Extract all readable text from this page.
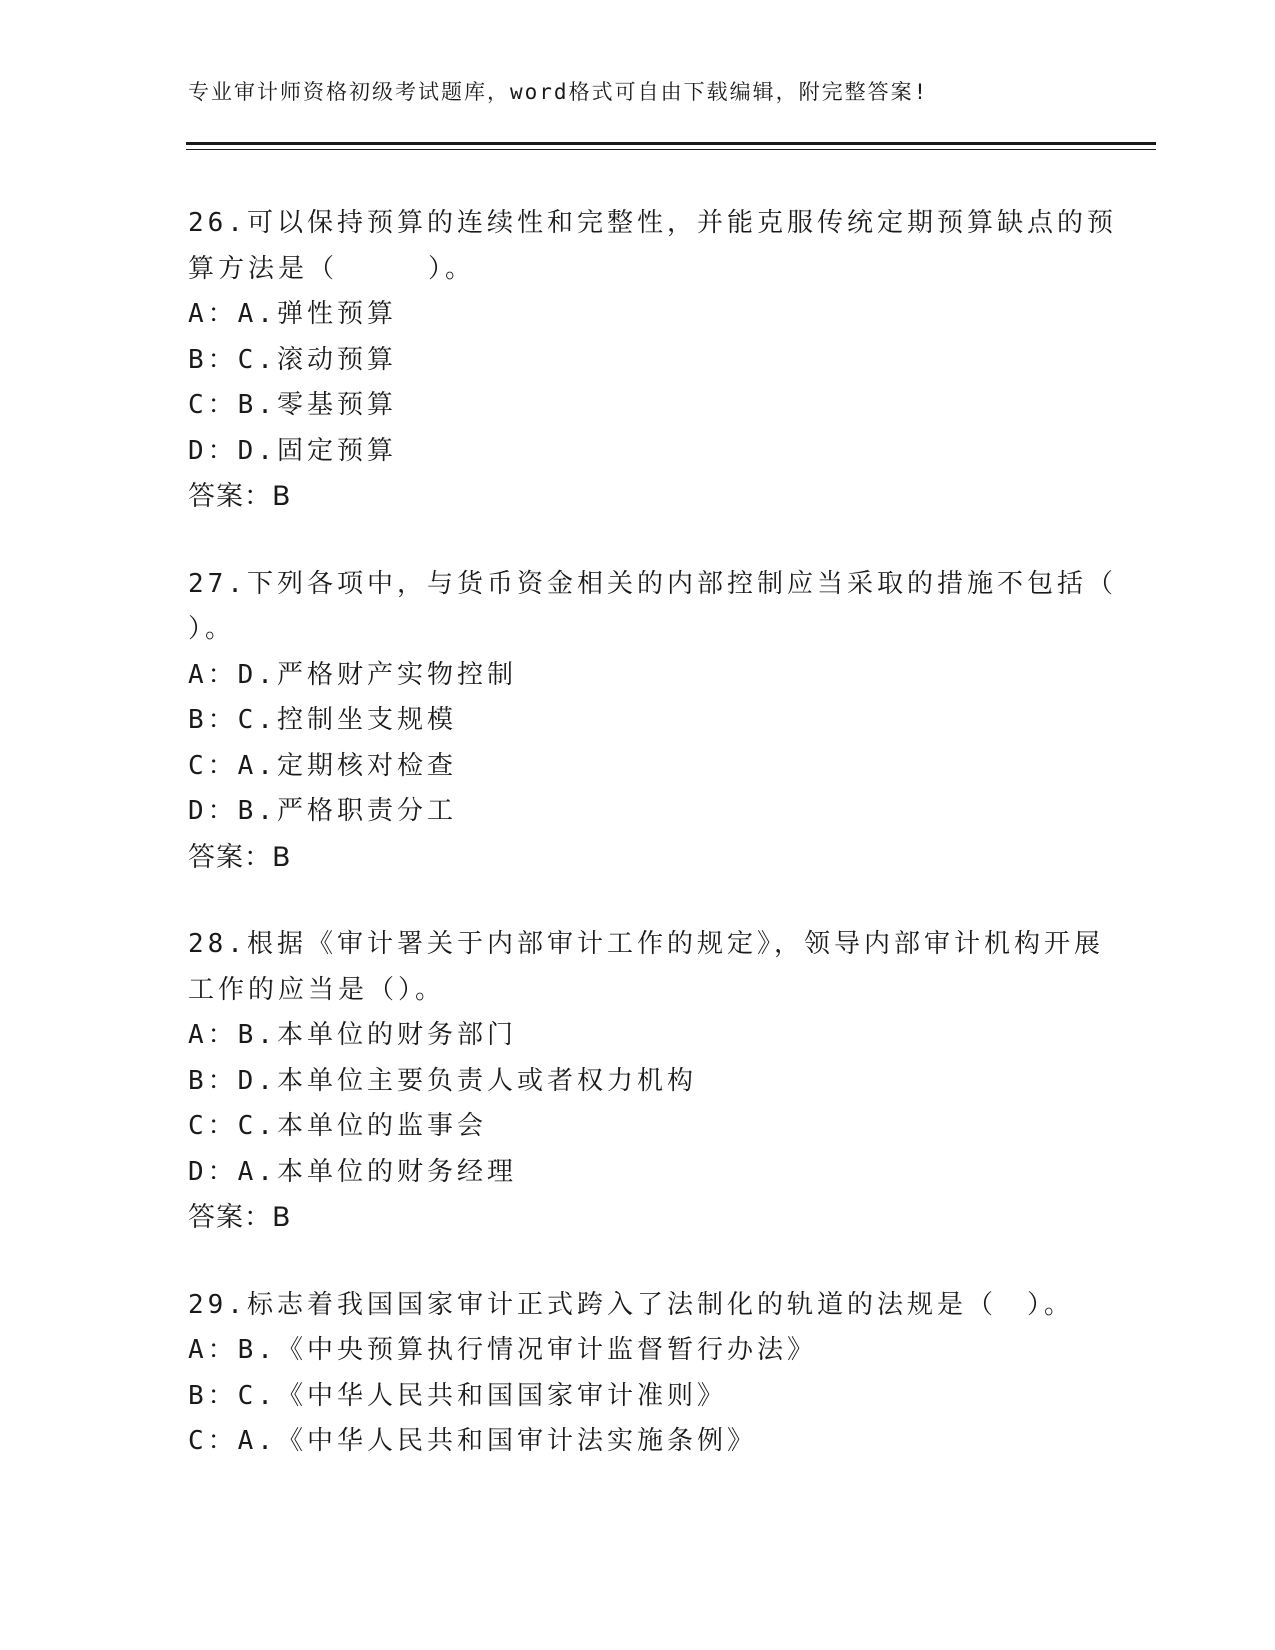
专业审计师资格初级考试题库，word格式可自由下载编辑，附完整答案!
26.可以保持预算的连续性和完整性，并能克服传统定期预算缺点的预
算方法是（　　　）。
A：A.弹性预算
B：C.滚动预算
C：B.零基预算
D：D.固定预算
答案：B
27.下列各项中，与货币资金相关的内部控制应当采取的措施不包括（
）。
A：D.严格财产实物控制
B：C.控制坐支规模
C：A.定期核对检查
D：B.严格职责分工
答案：B
28.根据《审计署关于内部审计工作的规定》，领导内部审计机构开展
工作的应当是（）。
A：B.本单位的财务部门
B：D.本单位主要负责人或者权力机构
C：C.本单位的监事会
D：A.本单位的财务经理
答案：B
29.标志着我国国家审计正式跨入了法制化的轨道的法规是（　）。
A：B.《中央预算执行情况审计监督暂行办法》
B：C.《中华人民共和国国家审计准则》
C：A.《中华人民共和国审计法实施条例》
